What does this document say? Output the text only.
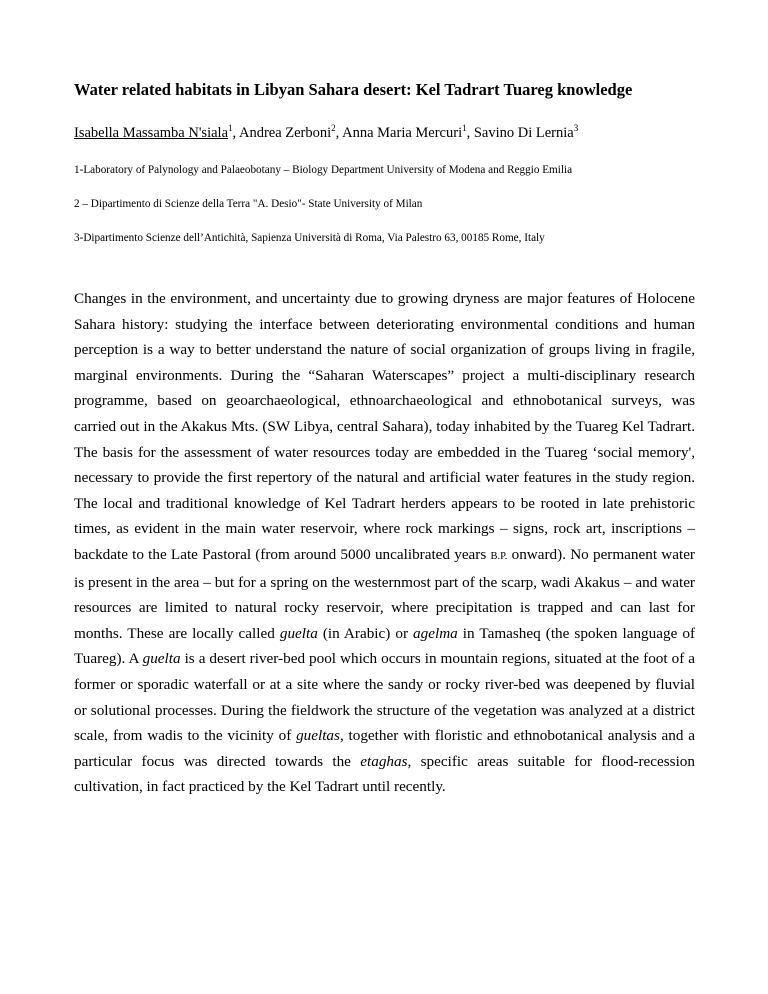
Water related habitats in Libyan Sahara desert: Kel Tadrart Tuareg knowledge
Isabella Massamba N'siala$^1$, Andrea Zerboni$^2$, Anna Maria Mercuri$^1$, Savino Di Lernia$^3$
1-Laboratory of Palynology and Palaeobotany – Biology Department University of Modena and Reggio Emilia
2 – Dipartimento di Scienze della Terra "A. Desio"- State University of Milan
3-Dipartimento Scienze dell’Antichità, Sapienza Università di Roma, Via Palestro 63, 00185 Rome, Italy

Changes in the environment, and uncertainty due to growing dryness are major features of Holocene Sahara history: studying the interface between deteriorating environmental conditions and human perception is a way to better understand the nature of social organization of groups living in fragile, marginal environments. During the “Saharan Waterscapes” project a multi-disciplinary research programme, based on geoarchaeological, ethnoarchaeological and ethnobotanical surveys, was carried out in the Akakus Mts. (SW Libya, central Sahara), today inhabited by the Tuareg Kel Tadrart. The basis for the assessment of water resources today are embedded in the Tuareg ‘social memory', necessary to provide the first repertory of the natural and artificial water features in the study region. The local and traditional knowledge of Kel Tadrart herders appears to be rooted in late prehistoric times, as evident in the main water reservoir, where rock markings – signs, rock art, inscriptions – backdate to the Late Pastoral (from around 5000 uncalibrated years B.P. onward). No permanent water is present in the area – but for a spring on the westernmost part of the scarp, wadi Akakus – and water resources are limited to natural rocky reservoir, where precipitation is trapped and can last for months. These are locally called guelta (in Arabic) or agelma in Tamasheq (the spoken language of Tuareg). A guelta is a desert river-bed pool which occurs in mountain regions, situated at the foot of a former or sporadic waterfall or at a site where the sandy or rocky river-bed was deepened by fluvial or solutional processes. During the fieldwork the structure of the vegetation was analyzed at a district scale, from wadis to the vicinity of gueltas, together with floristic and ethnobotanical analysis and a particular focus was directed towards the etaghas, specific areas suitable for flood-recession cultivation, in fact practiced by the Kel Tadrart until recently.
